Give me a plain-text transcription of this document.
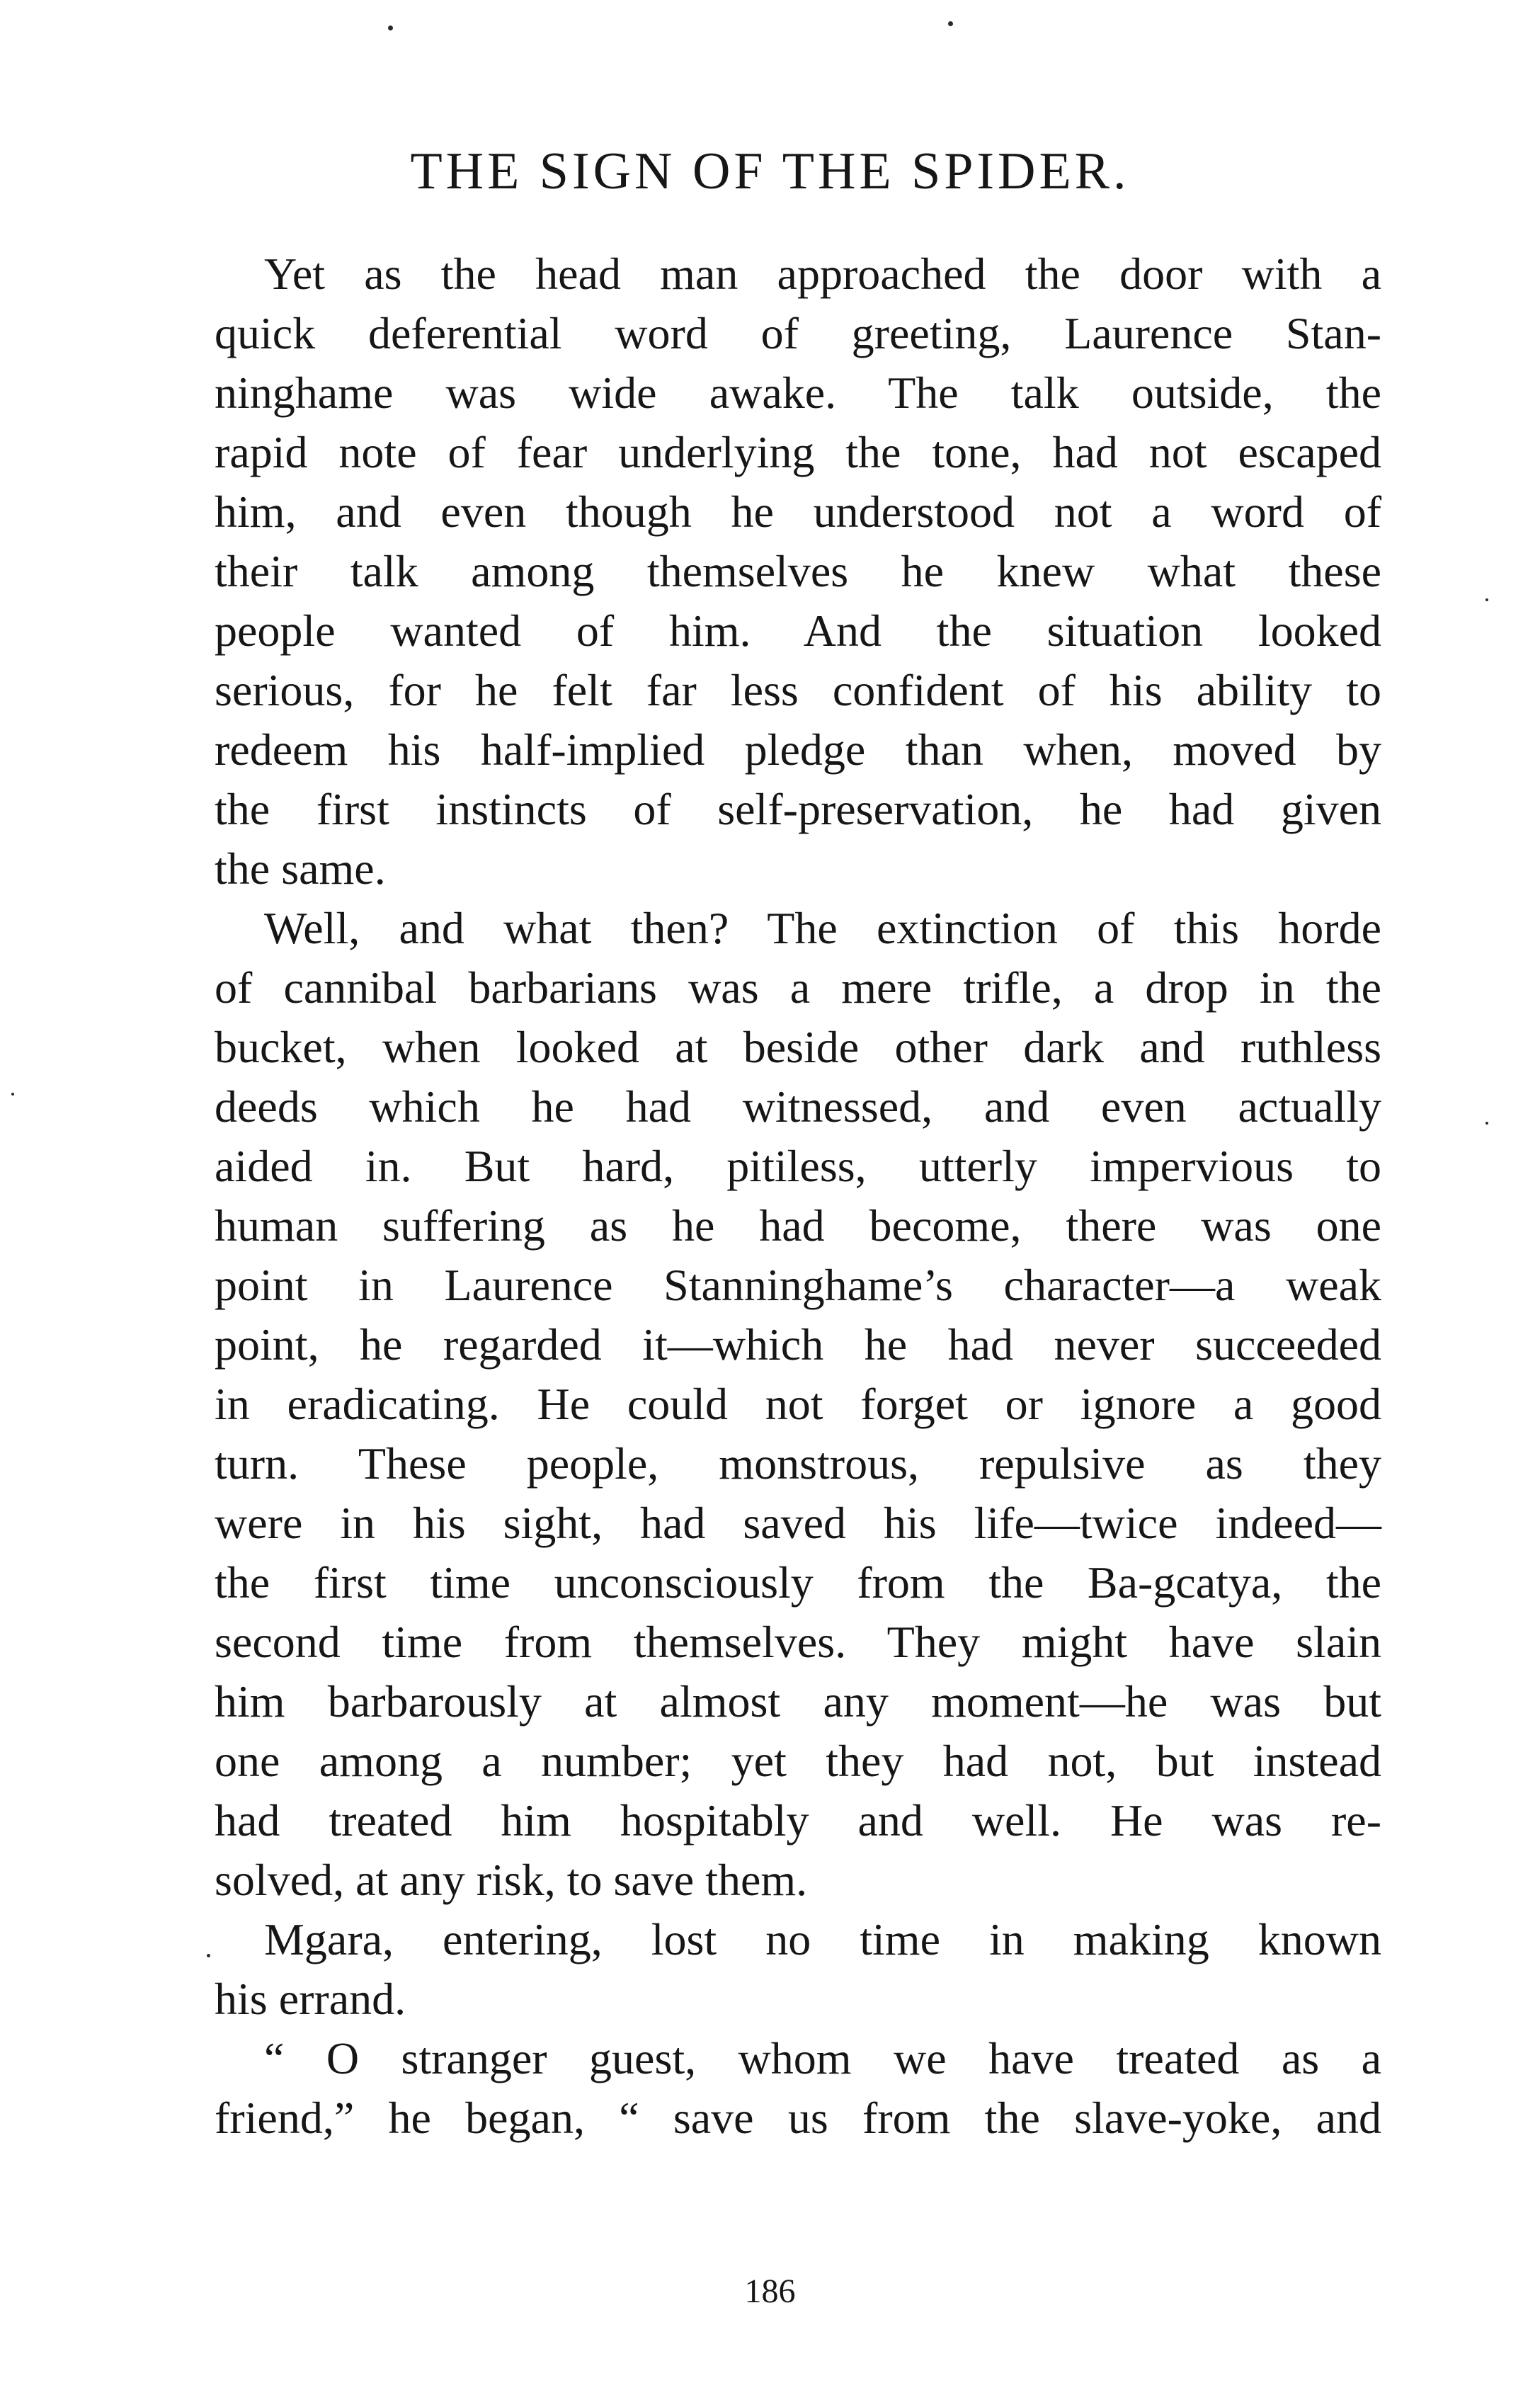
THE SIGN OF THE SPIDER.

Yet as the head man approached the door with a
quick deferential word of greeting, Laurence Stan-
ninghame was wide awake. The talk outside, the
rapid note of fear underlying the tone, had not escaped
him, and even though he understood not a word of
their talk among themselves he knew what these
people wanted of him. And the situation looked
serious, for he felt far less confident of his ability to
redeem his half-implied pledge than when, moved by
the first instincts of self-preservation, he had given
the same.

Well, and what then? The extinction of this horde
of cannibal barbarians was a mere trifle, a drop in the
bucket, when looked at beside other dark and ruthless
deeds which he had witnessed, and even actually
aided in. But hard, pitiless, utterly impervious to
human suffering as he had become, there was one
point in Laurence Stanninghame’s character—a weak
point, he regarded it—which he had never succeeded
in eradicating. He could not forget or ignore a good
turn. These people, monstrous, repulsive as they
were in his sight, had saved his life—twice indeed—
the first time unconsciously from the Ba-gcatya, the
second time from themselves. They might have slain
him barbarously at almost any moment—he was but
one among a number; yet they had not, but instead
had treated him hospitably and well. He was re-
solved, at any risk, to save them.

Mgara, entering, lost no time in making known
his errand.

“ O stranger guest, whom we have treated as a
friend,” he began, “ save us from the slave-yoke, and

186
